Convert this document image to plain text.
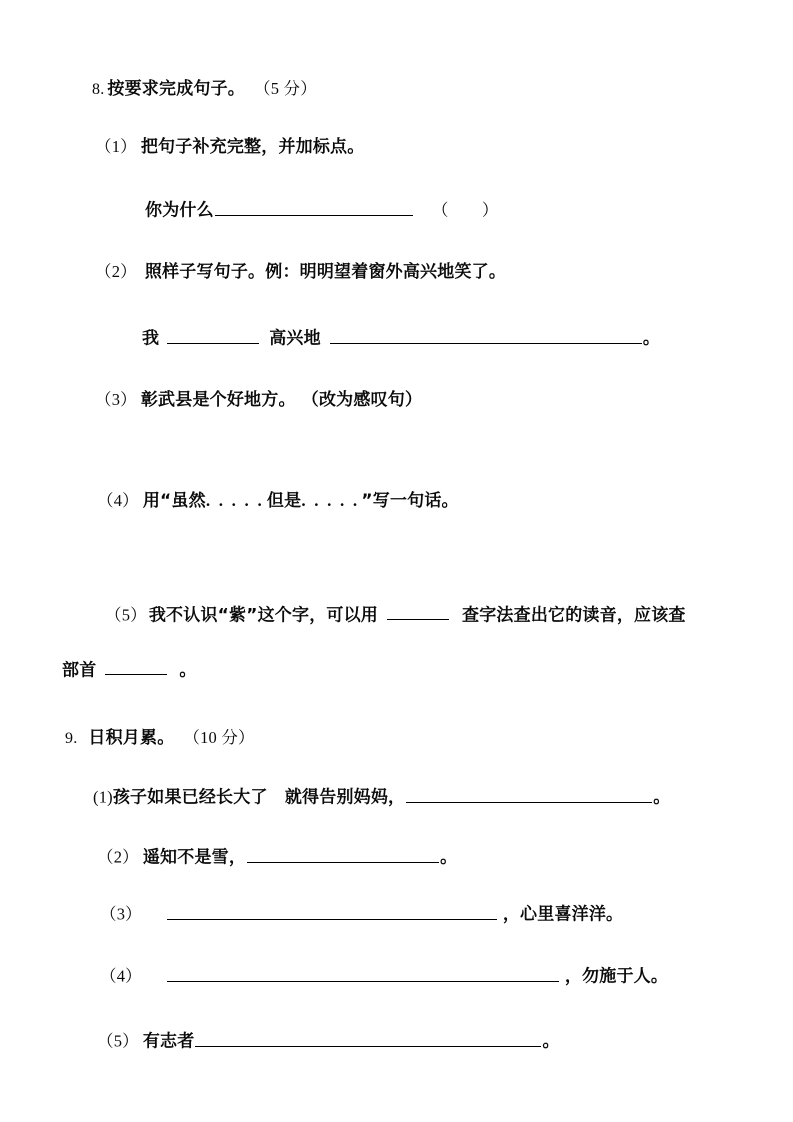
8. 按要求完成句子。 （5 分）
（1） 把句子补充完整，并加标点。
你为什么	（　　）
（2） 照样子写句子。例：明明望着窗外高兴地笑了。
我	高兴地	。
（3） 彰武县是个好地方。 （改为感叹句）
（4） 用“虽然. . . . . 但是. . . . . ”写一句话。
（5） 我不认识“紫”这个字，可以用	查字法查出它的读音，应该查
部首	。
9. 日积月累。 （10 分）
(1)孩子如果已经长大了　就得告别妈妈，	。
（2） 遥知不是雪，	。
（3）	，心里喜洋洋。
（4）	，勿施于人。
（5） 有志者	。
